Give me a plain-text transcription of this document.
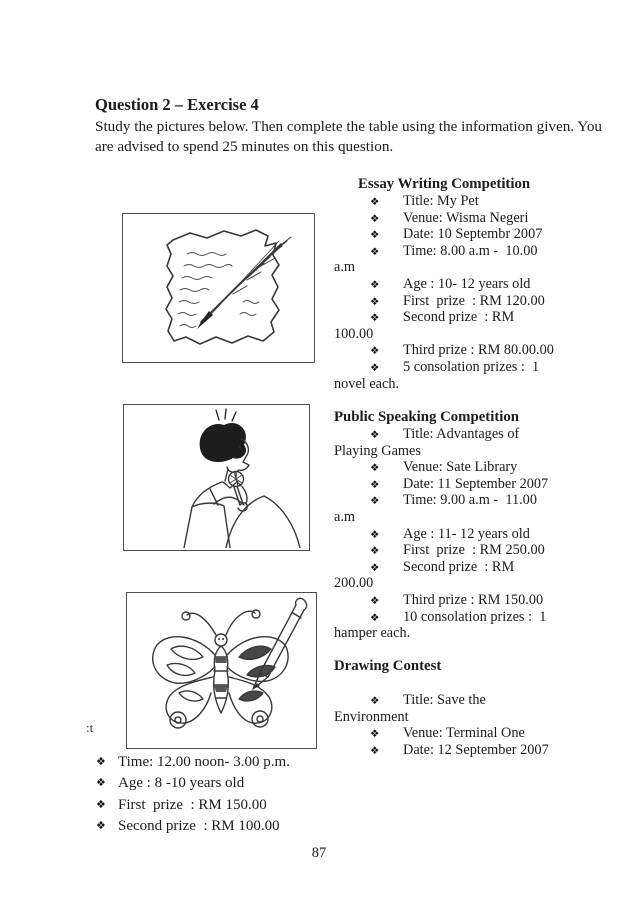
Question 2 – Exercise 4
Study the pictures below. Then complete the table using the information given. You
are advised to spend 25 minutes on this question.
Essay Writing Competition
❖ Title: My Pet
❖ Venue: Wisma Negeri
❖ Date: 10 Septembr 2007
❖ Time: 8.00 a.m -  10.00
a.m
❖ Age : 10- 12 years old
❖ First  prize  : RM 120.00
❖ Second prize  : RM
100.00
❖ Third prize : RM 80.00.00
❖ 5 consolation prizes :  1
novel each.
Public Speaking Competition
❖ Title: Advantages of
Playing Games
❖ Venue: Sate Library
❖ Date: 11 September 2007
❖ Time: 9.00 a.m -  11.00
a.m
❖ Age : 11- 12 years old
❖ First  prize  : RM 250.00
❖ Second prize  : RM
200.00
❖ Third prize : RM 150.00
❖ 10 consolation prizes :  1
hamper each.
Drawing Contest
❖ Title: Save the
Environment
❖ Venue: Terminal One
❖ Date: 12 September 2007
:t
❖ Time: 12.00 noon- 3.00 p.m.
❖ Age : 8 -10 years old
❖ First  prize  : RM 150.00
❖ Second prize  : RM 100.00
87
